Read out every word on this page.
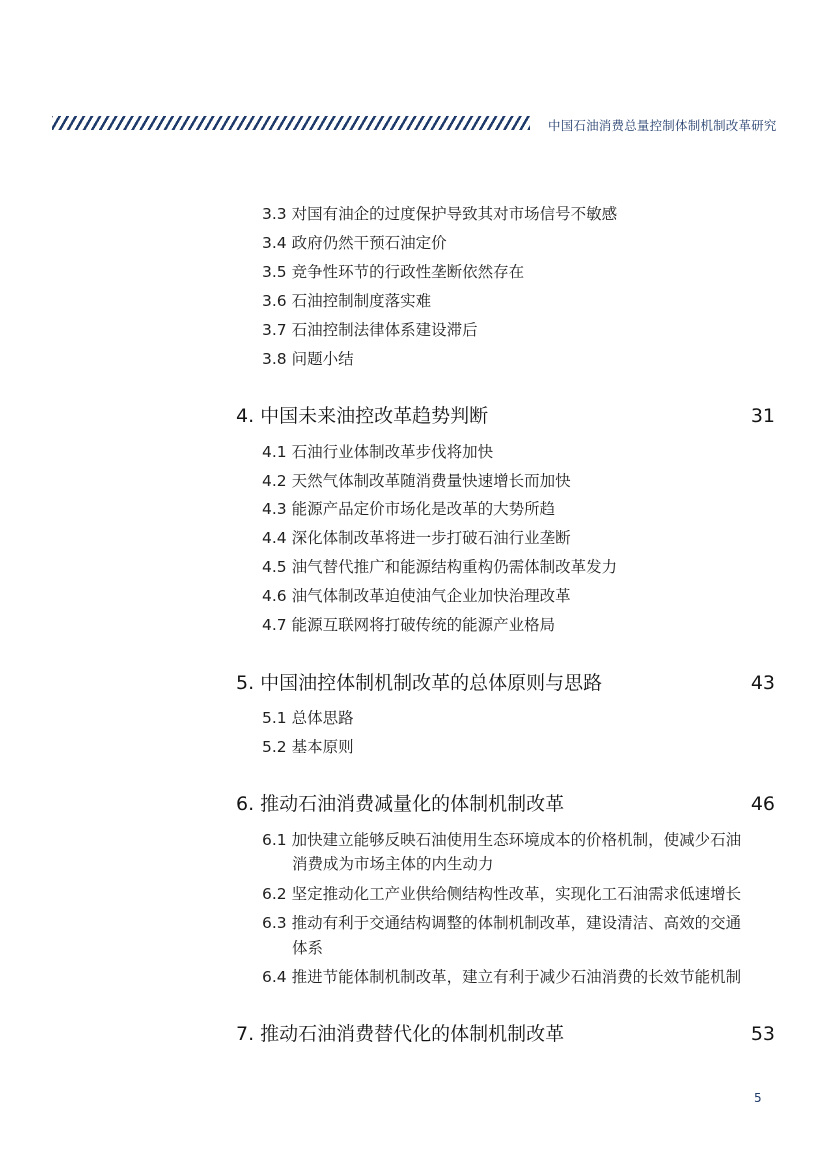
中国石油消费总量控制体制机制改革研究
3.3 对国有油企的过度保护导致其对市场信号不敏感
3.4 政府仍然干预石油定价
3.5 竞争性环节的行政性垄断依然存在
3.6 石油控制制度落实难
3.7 石油控制法律体系建设滞后
3.8 问题小结
4. 中国未来油控改革趋势判断	31
4.1 石油行业体制改革步伐将加快
4.2 天然气体制改革随消费量快速增长而加快
4.3 能源产品定价市场化是改革的大势所趋
4.4 深化体制改革将进一步打破石油行业垄断
4.5 油气替代推广和能源结构重构仍需体制改革发力
4.6 油气体制改革迫使油气企业加快治理改革
4.7 能源互联网将打破传统的能源产业格局
5. 中国油控体制机制改革的总体原则与思路	43
5.1 总体思路
5.2 基本原则
6. 推动石油消费减量化的体制机制改革	46
6.1 加快建立能够反映石油使用生态环境成本的价格机制，使减少石油
消费成为市场主体的内生动力
6.2 坚定推动化工产业供给侧结构性改革，实现化工石油需求低速增长
6.3 推动有利于交通结构调整的体制机制改革，建设清洁、高效的交通
体系
6.4 推进节能体制机制改革，建立有利于减少石油消费的长效节能机制
7. 推动石油消费替代化的体制机制改革	53
5
